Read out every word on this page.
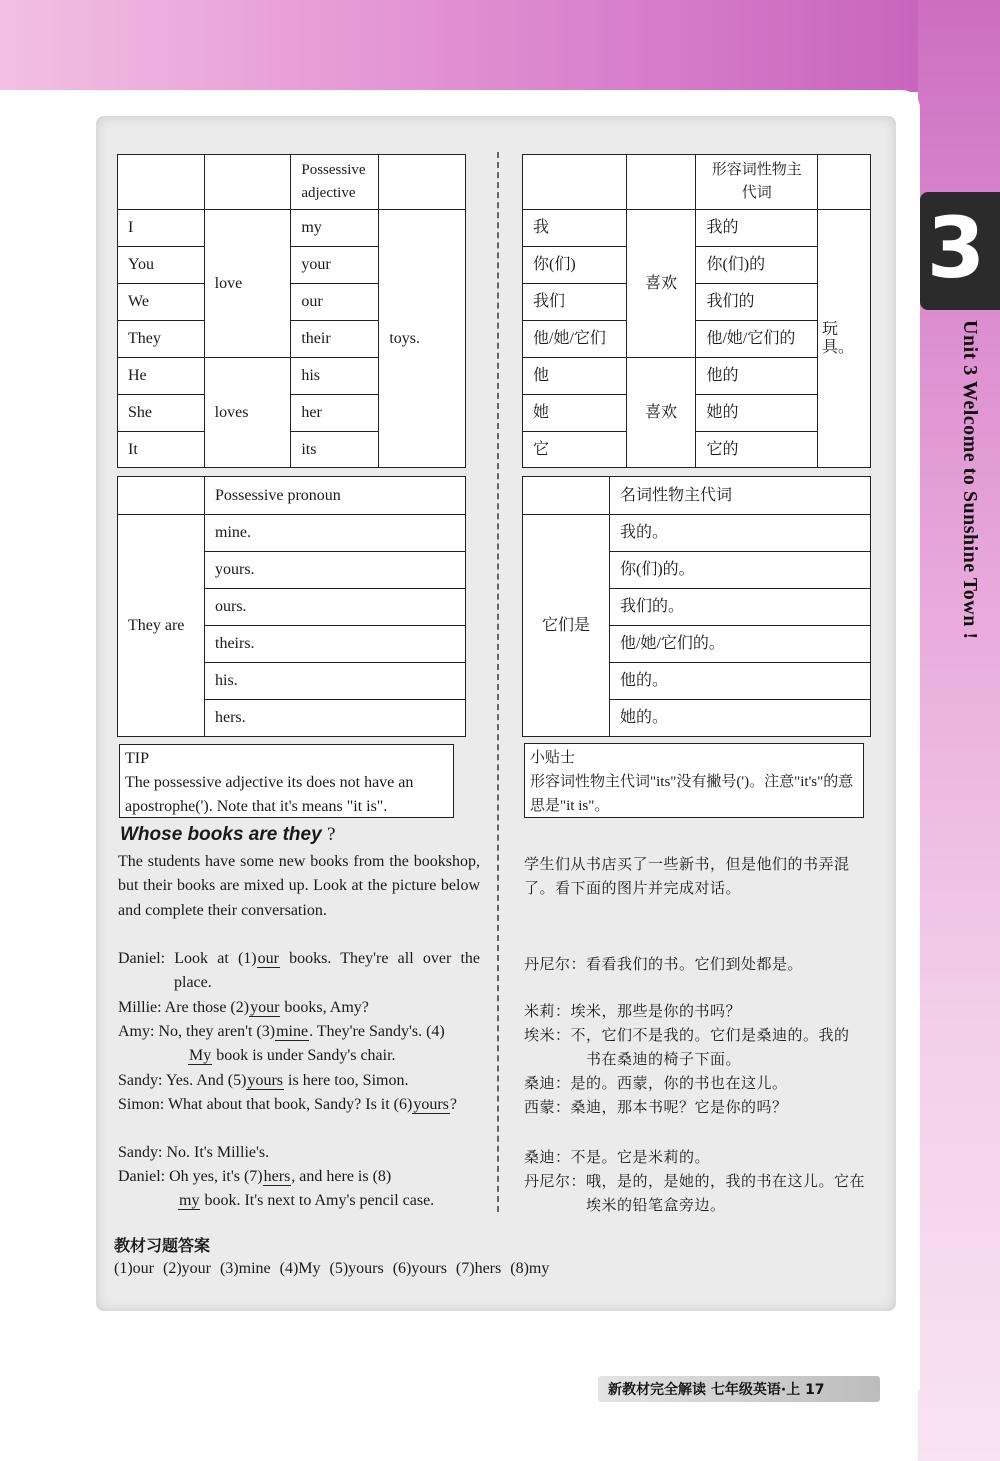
3
Unit 3 Welcome to Sunshine Town !
		Possessive adjective	
I	love	my	toys.
You		your	
We		our	
They		their	
He	loves	his	
She		her	
It		its	
		形容词性物主代词	
我	喜欢	我的	玩具。
你(们)		你(们)的	
我们		我们的	
他/她/它们		他/她/它们的	
他	喜欢	他的	
她		她的	
它		它的	
	Possessive pronoun
They are	mine.
	yours.
	ours.
	theirs.
	his.
	hers.
	名词性物主代词
它们是	我的。
	你(们)的。
	我们的。
	他/她/它们的。
	他的。
	她的。
TIP
The possessive adjective its does not have an apostrophe('). Note that it's means "it is".
小贴士
形容词性物主代词"its"没有撇号(')。注意"it's"的意思是"it is"。
Whose books are they ?
The students have some new books from the bookshop, but their books are mixed up. Look at the picture below and complete their conversation.
Daniel: Look at (1)our books. They're all over the place.
Millie: Are those (2)your books, Amy?
Amy: No, they aren't (3)mine. They're Sandy's. (4)
My book is under Sandy's chair.
Sandy: Yes. And (5)yours is here too, Simon.
Simon: What about that book, Sandy? Is it (6)yours?
Sandy: No. It's Millie's.
Daniel: Oh yes, it's (7)hers, and here is (8)
my book. It's next to Amy's pencil case.
学生们从书店买了一些新书，但是他们的书弄混了。看下面的图片并完成对话。
丹尼尔：看看我们的书。它们到处都是。
米莉：埃米，那些是你的书吗？
埃米：不，它们不是我的。它们是桑迪的。我的
书在桑迪的椅子下面。
桑迪：是的。西蒙，你的书也在这儿。
西蒙：桑迪，那本书呢？它是你的吗？
桑迪：不是。它是米莉的。
丹尼尔：哦，是的，是她的，我的书在这儿。它在
埃米的铅笔盒旁边。
教材习题答案
(1)our (2)your (3)mine (4)My (5)yours (6)yours (7)hers (8)my
新教材完全解读 七年级英语·上 17
